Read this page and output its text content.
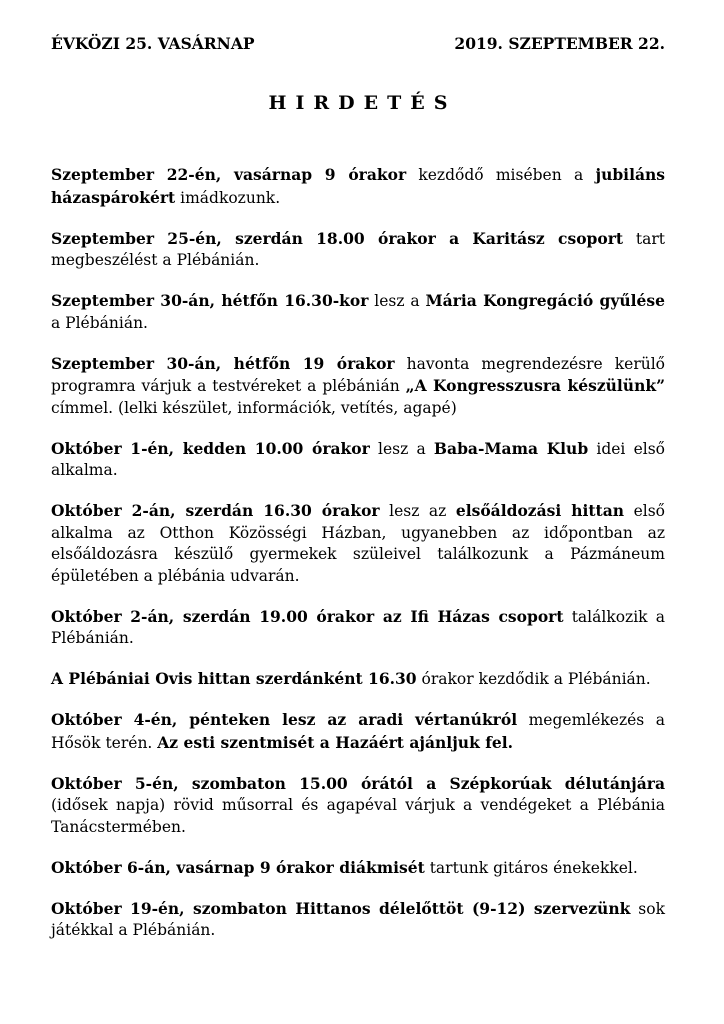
ÉVKÖZI 25. VASÁRNAP	2019. SZEPTEMBER 22.
HIRDETÉS

Szeptember 22-én, vasárnap 9 órakor kezdődő misében a jubiláns házaspárokért imádkozunk.

Szeptember 25-én, szerdán 18.00 órakor a Karitász csoport tart megbeszélést a Plébánián.

Szeptember 30-án, hétfőn 16.30-kor lesz a Mária Kongregáció gyűlése a Plébánián.

Szeptember 30-án, hétfőn 19 órakor havonta megrendezésre kerülő programra várjuk a testvéreket a plébánián „A Kongresszusra készülünk” címmel. (lelki készület, információk, vetítés, agapé)

Október 1-én, kedden 10.00 órakor lesz a Baba-Mama Klub idei első alkalma.

Október 2-án, szerdán 16.30 órakor lesz az elsőáldozási hittan első alkalma az Otthon Közösségi Házban, ugyanebben az időpontban az elsőáldozásra készülő gyermekek szüleivel találkozunk a Pázmáneum épületében a plébánia udvarán.

Október 2-án, szerdán 19.00 órakor az Ifi Házas csoport találkozik a Plébánián.

A Plébániai Ovis hittan szerdánként 16.30 órakor kezdődik a Plébánián.

Október 4-én, pénteken lesz az aradi vértanúkról megemlékezés a Hősök terén. Az esti szentmisét a Hazáért ajánljuk fel.

Október 5-én, szombaton 15.00 órától a Szépkorúak délutánjára (idősek napja) rövid műsorral és agapéval várjuk a vendégeket a Plébánia Tanácstermében.

Október 6-án, vasárnap 9 órakor diákmisét tartunk gitáros énekekkel.

Október 19-én, szombaton Hittanos délelőttöt (9-12) szervezünk sok játékkal a Plébánián.
